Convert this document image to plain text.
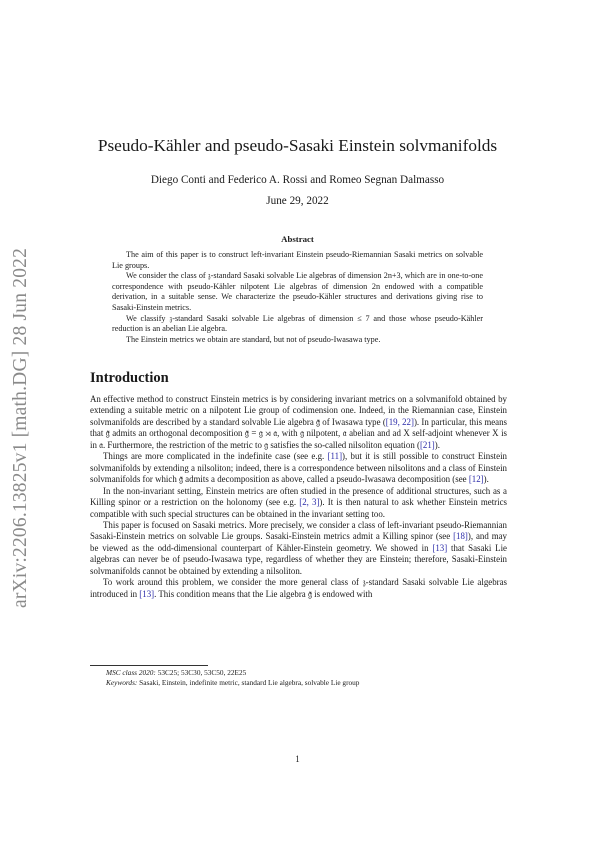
arXiv:2206.13825v1 [math.DG] 28 Jun 2022
Pseudo-Kähler and pseudo-Sasaki Einstein solvmanifolds
Diego Conti and Federico A. Rossi and Romeo Segnan Dalmasso
June 29, 2022
Abstract

The aim of this paper is to construct left-invariant Einstein pseudo-Riemannian Sasaki metrics on solvable Lie groups.

We consider the class of 𝔷-standard Sasaki solvable Lie algebras of dimension 2n+3, which are in one-to-one correspondence with pseudo-Kähler nilpotent Lie algebras of dimension 2n endowed with a compatible derivation, in a suitable sense. We characterize the pseudo-Kähler structures and derivations giving rise to Sasaki-Einstein metrics.

We classify 𝔷-standard Sasaki solvable Lie algebras of dimension ≤ 7 and those whose pseudo-Kähler reduction is an abelian Lie algebra.

The Einstein metrics we obtain are standard, but not of pseudo-Iwasawa type.

Introduction

An effective method to construct Einstein metrics is by considering invariant metrics on a solvmanifold obtained by extending a suitable metric on a nilpotent Lie group of codimension one. Indeed, in the Riemannian case, Einstein solvmanifolds are described by a standard solvable Lie algebra 𝔤̃ of Iwasawa type ([19, 22]). In particular, this means that 𝔤̃ admits an orthogonal decomposition 𝔤̃ = 𝔤 ⋊ 𝔞, with 𝔤 nilpotent, 𝔞 abelian and ad X self-adjoint whenever X is in 𝔞. Furthermore, the restriction of the metric to 𝔤 satisfies the so-called nilsoliton equation ([21]).

Things are more complicated in the indefinite case (see e.g. [11]), but it is still possible to construct Einstein solvmanifolds by extending a nilsoliton; indeed, there is a correspondence between nilsolitons and a class of Einstein solvmanifolds for which 𝔤̃ admits a decomposition as above, called a pseudo-Iwasawa decomposition (see [12]).

In the non-invariant setting, Einstein metrics are often studied in the presence of additional structures, such as a Killing spinor or a restriction on the holonomy (see e.g. [2, 3]). It is then natural to ask whether Einstein metrics compatible with such special structures can be obtained in the invariant setting too.

This paper is focused on Sasaki metrics. More precisely, we consider a class of left-invariant pseudo-Riemannian Sasaki-Einstein metrics on solvable Lie groups. Sasaki-Einstein metrics admit a Killing spinor (see [18]), and may be viewed as the odd-dimensional counterpart of Kähler-Einstein geometry. We showed in [13] that Sasaki Lie algebras can never be of pseudo-Iwasawa type, regardless of whether they are Einstein; therefore, Sasaki-Einstein solvmanifolds cannot be obtained by extending a nilsoliton.

To work around this problem, we consider the more general class of 𝔷-standard Sasaki solvable Lie algebras introduced in [13]. This condition means that the Lie algebra 𝔤̃ is endowed with

MSC class 2020: 53C25; 53C30, 53C50, 22E25
Keywords: Sasaki, Einstein, indefinite metric, standard Lie algebra, solvable Lie group
1
